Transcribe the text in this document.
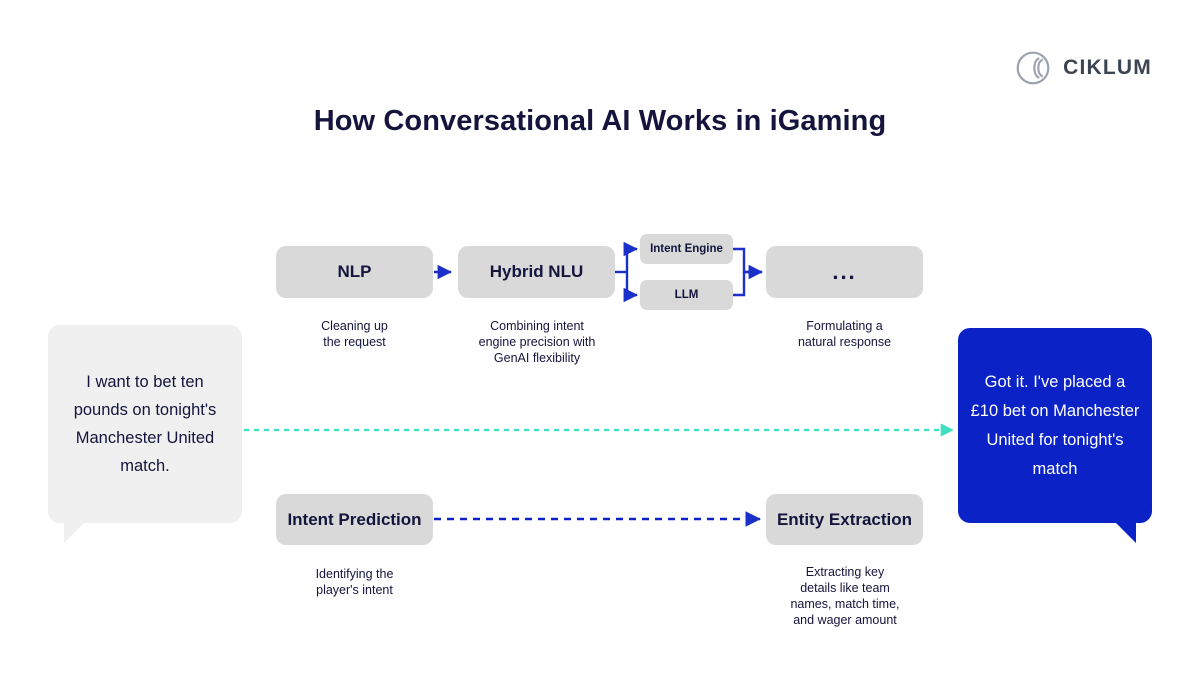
CIKLUM
How Conversational AI Works in iGaming
NLP
Cleaning up
the request
Hybrid NLU
Combining intent
engine precision with
GenAI flexibility
Intent Engine
LLM
...
Formulating a
natural response
Intent Prediction
Identifying the
player's intent
Entity Extraction
Extracting key
details like team
names, match time,
and wager amount
I want to bet ten pounds on tonight's Manchester United match.
Got it. I've placed a £10 bet on Manchester United for tonight's match
